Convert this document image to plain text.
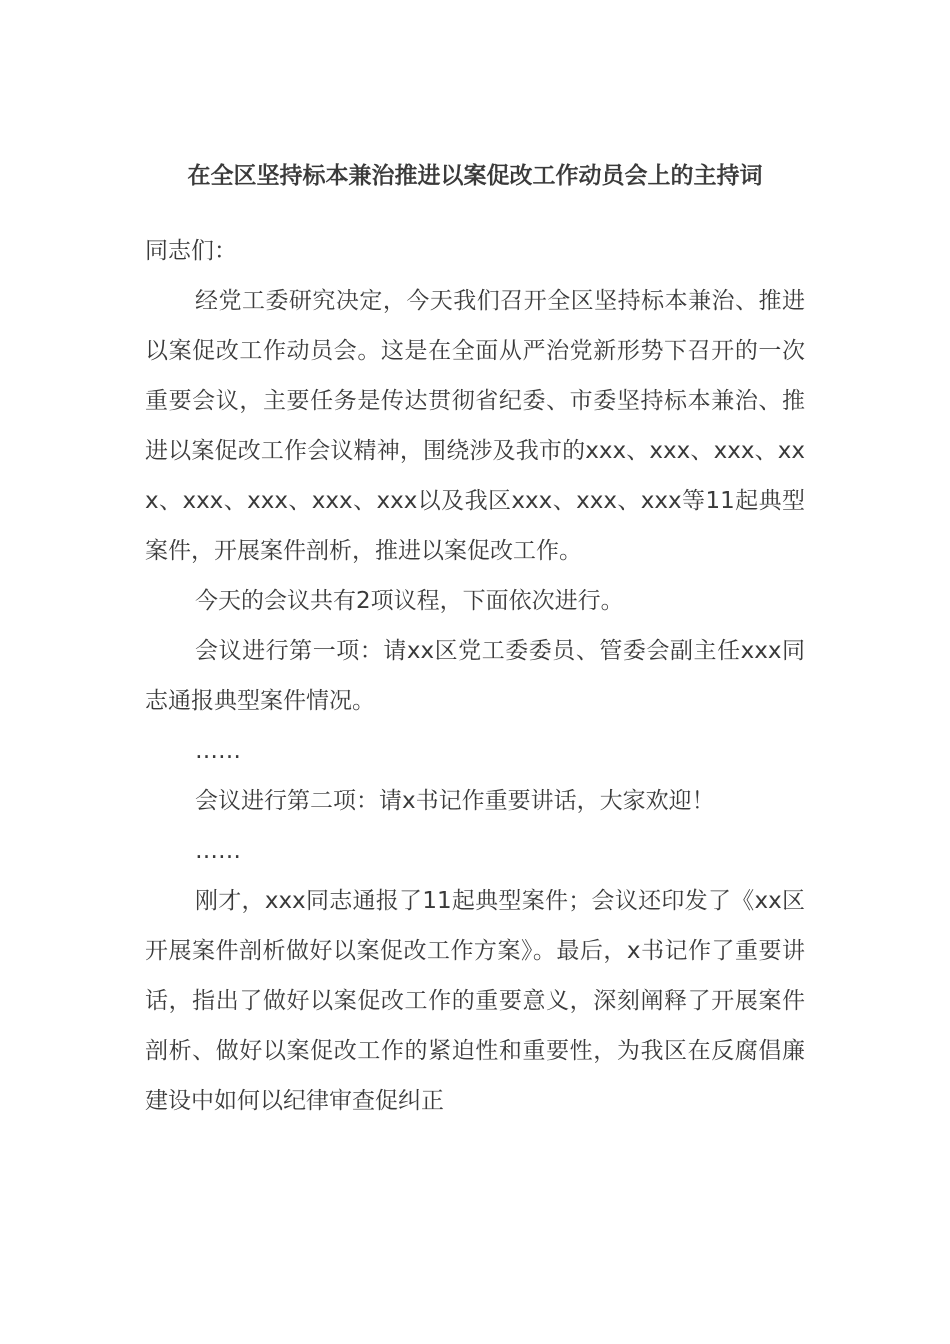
在全区坚持标本兼治推进以案促改工作动员会上的主持词

同志们：

经党工委研究决定，今天我们召开全区坚持标本兼治、推进以案促改工作动员会。这是在全面从严治党新形势下召开的一次重要会议，主要任务是传达贯彻省纪委、市委坚持标本兼治、推进以案促改工作会议精神，围绕涉及我市的xxx、xxx、xxx、xxx、xxx、xxx、xxx、xxx以及我区xxx、xxx、xxx等11起典型案件，开展案件剖析，推进以案促改工作。

今天的会议共有2项议程，下面依次进行。

会议进行第一项：请xx区党工委委员、管委会副主任xxx同志通报典型案件情况。

……

会议进行第二项：请x书记作重要讲话，大家欢迎！

……

刚才，xxx同志通报了11起典型案件；会议还印发了《xx区开展案件剖析做好以案促改工作方案》。最后，x书记作了重要讲话，指出了做好以案促改工作的重要意义，深刻阐释了开展案件剖析、做好以案促改工作的紧迫性和重要性，为我区在反腐倡廉建设中如何以纪律审查促纠正
